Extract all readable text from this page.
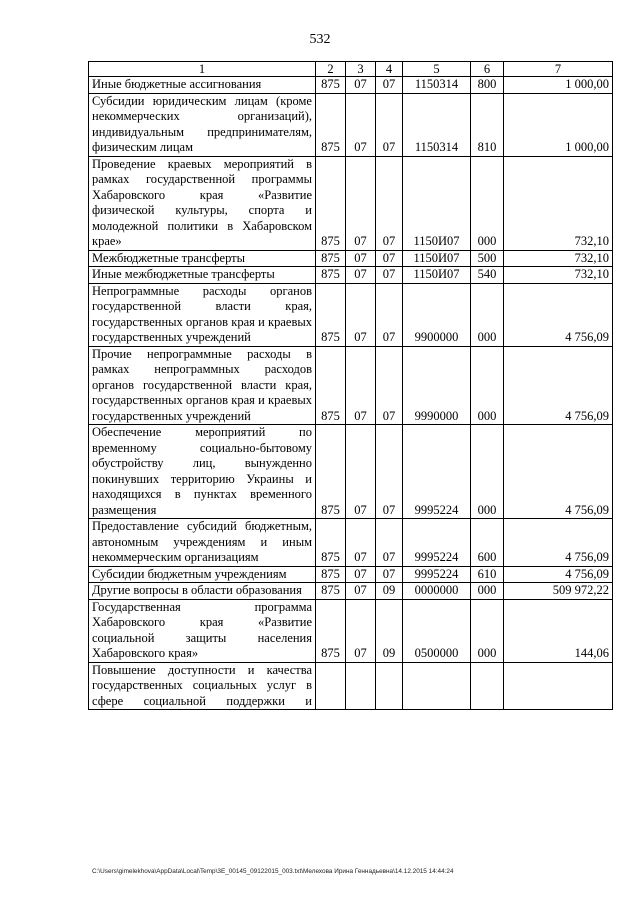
532
1	2	3	4	5	6	7
Иные бюджетные ассигнования	875	07	07	1150314	800	1 000,00
Субсидии юридическим лицам (кроме некоммерческих организаций), индивидуальным предпринимателям, физическим лицам	875	07	07	1150314	810	1 000,00
Проведение краевых мероприятий в рамках государственной программы Хабаровского края «Развитие физической культуры, спорта и молодежной политики в Хабаровском крае»	875	07	07	1150И07	000	732,10
Межбюджетные трансферты	875	07	07	1150И07	500	732,10
Иные межбюджетные трансферты	875	07	07	1150И07	540	732,10
Непрограммные расходы органов государственной власти края, государственных органов края и краевых государственных учреждений	875	07	07	9900000	000	4 756,09
Прочие непрограммные расходы в рамках непрограммных расходов органов государственной власти края, государственных органов края и краевых государственных учреждений	875	07	07	9990000	000	4 756,09
Обеспечение мероприятий по временному социально-бытовому обустройству лиц, вынужденно покинувших территорию Украины и находящихся в пунктах временного размещения	875	07	07	9995224	000	4 756,09
Предоставление субсидий бюджетным, автономным учреждениям и иным некоммерческим организациям	875	07	07	9995224	600	4 756,09
Субсидии бюджетным учреждениям	875	07	07	9995224	610	4 756,09
Другие вопросы в области образования	875	07	09	0000000	000	509 972,22
Государственная программа Хабаровского края «Развитие социальной защиты населения Хабаровского края»	875	07	09	0500000	000	144,06
Повышение доступности и качества государственных социальных услуг в сфере социальной поддержки и						
C:\Users\gimelekhova\AppData\Local\Temp\3E_00145_09122015_003.txt\Мелехова Ирина Геннадьевна\14.12.2015 14:44:24
